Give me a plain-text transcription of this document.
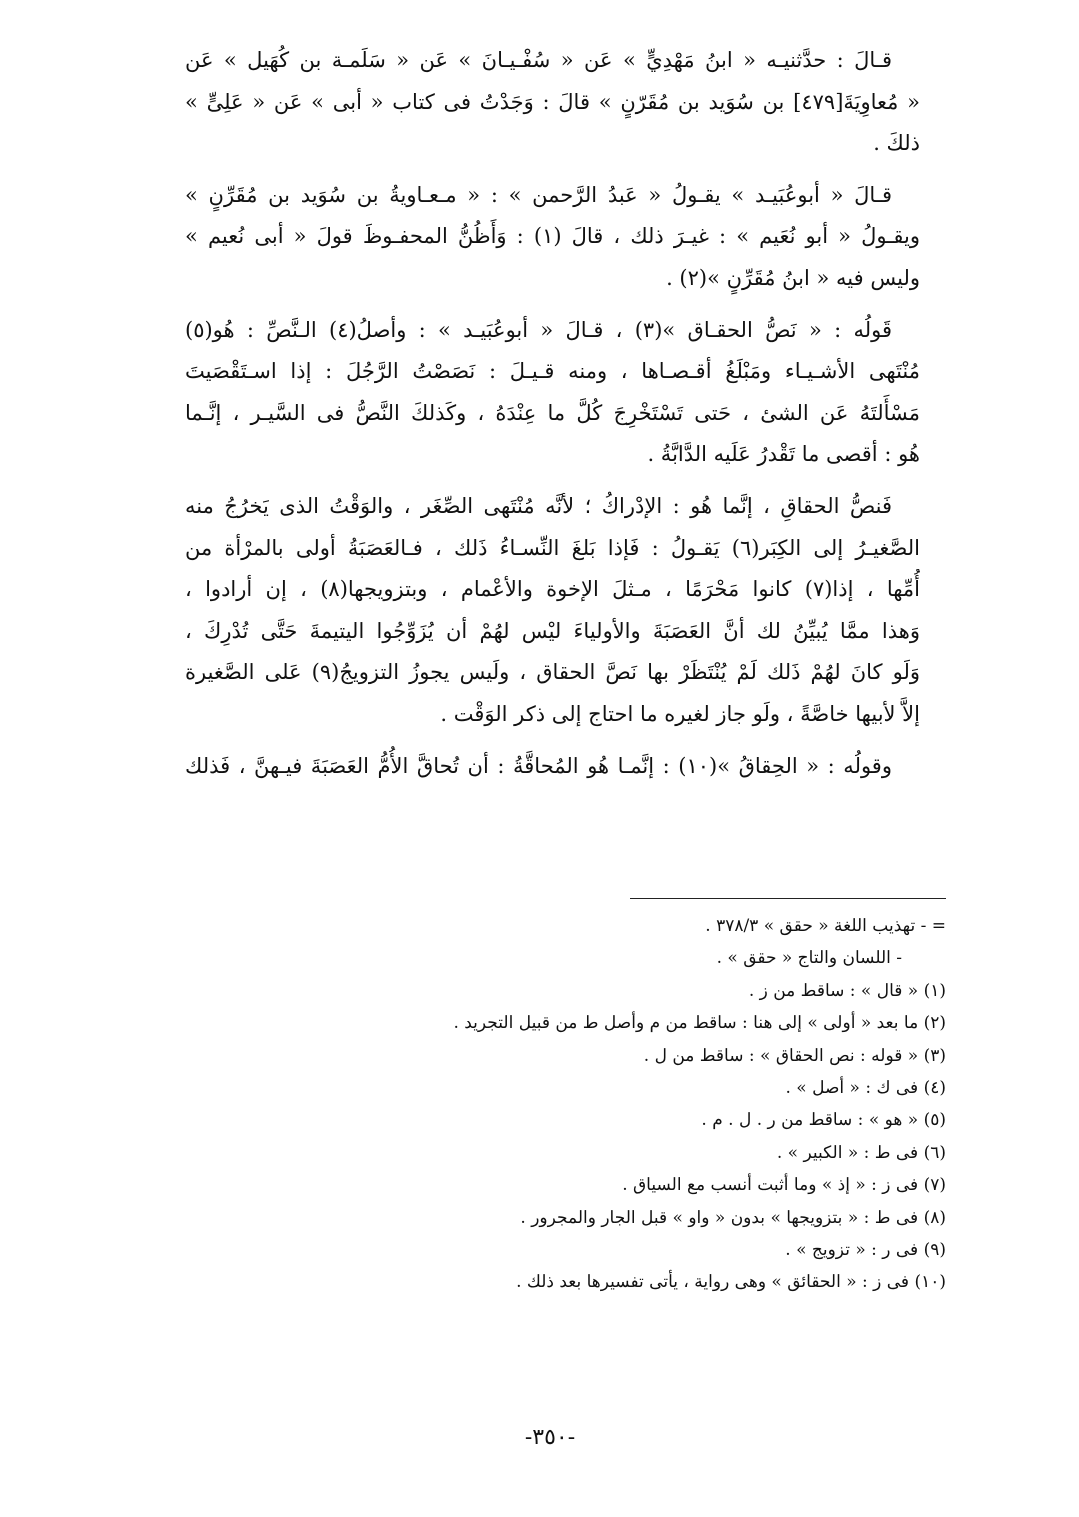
قـالَ : حدَّثنيـه « ابنُ مَهْدِيٍّ » عَن « سُفْـيـانَ » عَن « سَلَمـة بن كُهَيل » عَن
« مُعاوِيَةَ[٤٧٩] بن سُوَيد بن مُقَرّنٍ » قالَ : وَجَدْتُ فى كتاب « أبى » عَن « عَلِىٍّ »
ذلكَ .
قـالَ « أبوعُبَيـد » يقـولُ « عَبدُ الرَّحمن » : « مـعـاويةُ بن سُوَيد بن مُقَرِّنٍ »
ويقـولُ « أبو نُعَيم » : غيـرَ ذلك ، قالَ (١) : وَأَظُنُّ المحفـوظَ قولَ « أبى نُعيم »
وليس فيه « ابنُ مُقَرِّنٍ »(٢) .
قَولُه : « نَصُّ الحقـاق »(٣) ، قـالَ « أبوعُبَيـد » : وأصلُ(٤) الـنَّصِّ : هُو(٥)
مُنْتَهى الأشـيـاء ومَبْلَغُ أقـصـاها ، ومنه قـيـلَ : نَصَصْتُ الرَّجُلَ : إذا اسـتَقْصَيتَ
مَسْأَلتَهُ عَن الشئ ، حَتى تَسْتَخْرِجَ كُلَّ ما عِنْدَهُ ، وكَذلكَ النَّصُّ فى السَّيـر ، إنَّـما
هُو : أقصى ما تَقْدرُ عَلَيه الدَّابَّةُ .
فَنصُّ الحقاقِ ، إنَّما هُو : الإدْراكُ ؛ لأنَّه مُنْتَهى الصِّغَر ، والوَقْتُ الذى يَخرُجُ منه
الصَّغيـرُ إلى الكِبَر(٦) يَقـولُ : فَإذا بَلغَ النِّسـاءُ ذَلك ، فـالعَصَبَةُ أولى بالمرْأة من
أُمِّها ، إذا(٧) كانوا مَحْرَمًا ، مـثلَ الإخوة والأعْمام ، وبتزويجها(٨) ، إن أرادوا ،
وَهذا ممَّا يُبيِّنُ لك أنَّ العَصَبَةَ والأولياءَ ليْس لهُمْ أن يُزَوِّجُوا اليتيمةَ حَتَّى تُدْرِكَ ،
وَلَو كانَ لهُمْ ذَلك لَمْ يُنْتَظَرْ بها نَصَّ الحقاق ، ولَيس يجوزُ التزويجُ(٩) عَلى الصَّغيرة
إلاَّ لأبيها خاصَّةً ، ولَو جاز لغيره ما احتاج إلى ذكر الوَقْت .
وقولُه : « الحِقاقُ »(١٠) : إنَّمـا هُو المُحاقَّةُ : أن تُحاقَّ الأُمُّ العَصَبَةَ فيـهنَّ ، فَذلك
= - تهذيب اللغة « حقق » ٣٧٨/٣ .
- اللسان والتاج « حقق » .
(١) « قال » : ساقط من ز .
(٢) ما بعد « أولى » إلى هنا : ساقط من م وأصل ط من قبيل التجريد .
(٣) « قوله : نص الحقاق » : ساقط من ل .
(٤) فى ك : « أصل » .
(٥) « هو » : ساقط من ر . ل . م .
(٦) فى ط : « الكبير » .
(٧) فى ز : « إذ » وما أثبت أنسب مع السياق .
(٨) فى ط : « بتزويجها » بدون « واو » قبل الجار والمجرور .
(٩) فى ر : « تزويج » .
(١٠) فى ز : « الحقائق » وهى رواية ، يأتى تفسيرها بعد ذلك .
-٣٥٠-
